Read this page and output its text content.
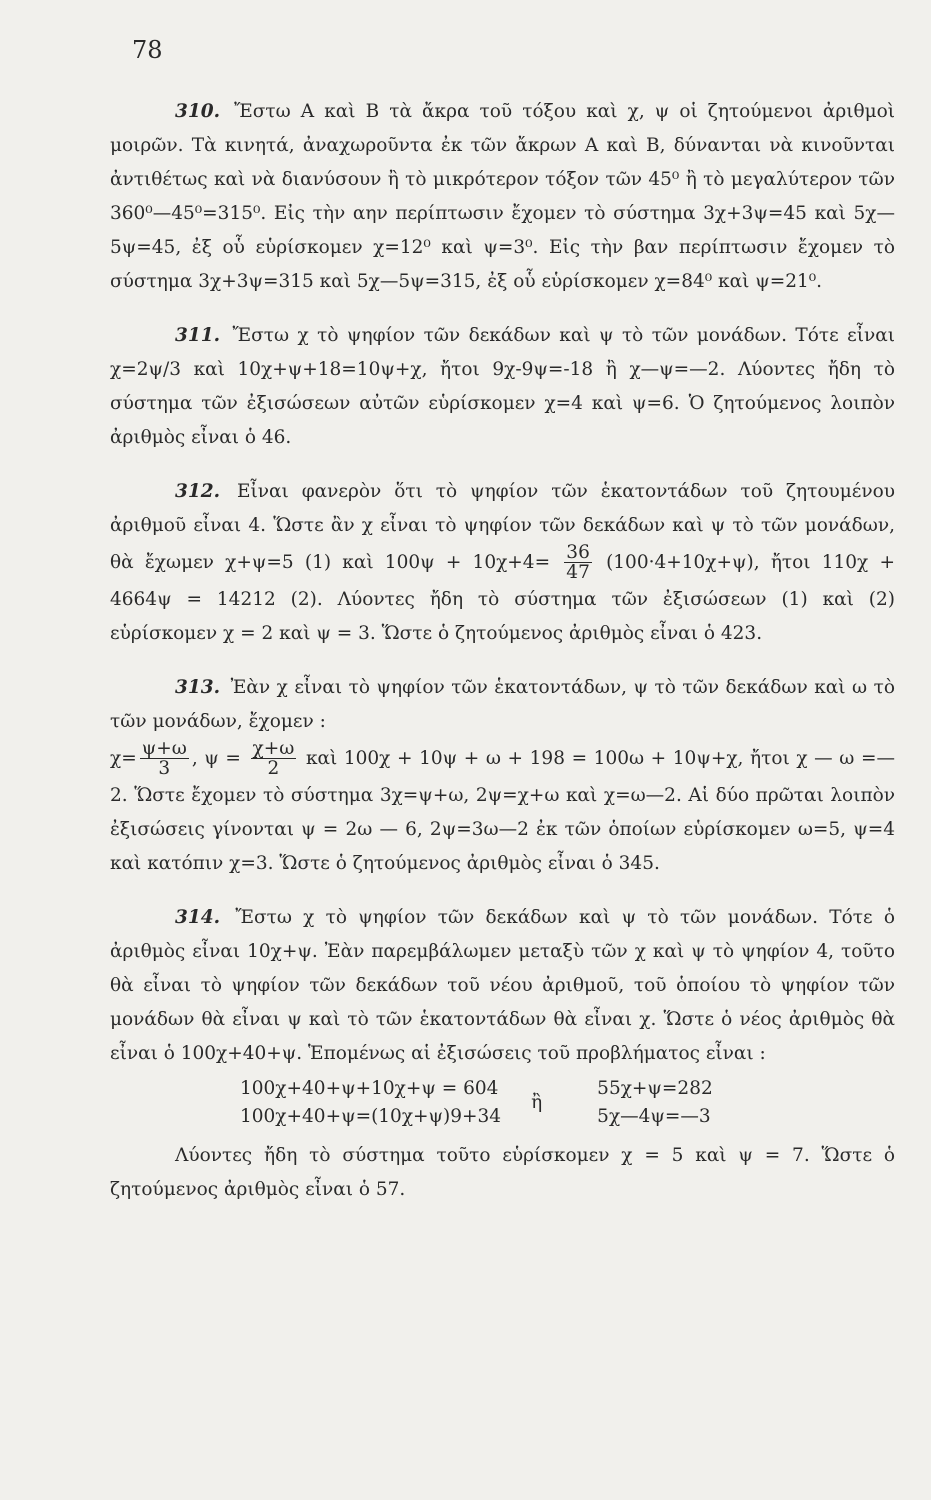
78

310. Ἔστω Α καὶ Β τὰ ἄκρα τοῦ τόξου καὶ χ, ψ οἱ ζητούμενοι ἀριθμοὶ μοιρῶν. Τὰ κινητά, ἀναχωροῦντα ἐκ τῶν ἄκρων Α καὶ Β, δύνανται νὰ κινοῦνται ἀντιθέτως καὶ νὰ διανύσουν ἢ τὸ μικρότερον τόξον τῶν 45⁰ ἢ τὸ μεγαλύτερον τῶν 360⁰—45⁰=315⁰. Εἰς τὴν αην περίπτωσιν ἔχομεν τὸ σύστημα 3χ+3ψ=45 καὶ 5χ—5ψ=45, ἐξ οὗ εὑρίσκομεν χ=12⁰ καὶ ψ=3⁰. Εἰς τὴν βαν περίπτωσιν ἔχομεν τὸ σύστημα 3χ+3ψ=315 καὶ 5χ—5ψ=315, ἐξ οὗ εὑρίσκομεν χ=84⁰ καὶ ψ=21⁰.

311. Ἔστω χ τὸ ψηφίον τῶν δεκάδων καὶ ψ τὸ τῶν μονάδων. Τότε εἶναι χ=2ψ/3 καὶ 10χ+ψ+18=10ψ+χ, ἤτοι 9χ-9ψ=-18 ἢ χ—ψ=—2. Λύοντες ἤδη τὸ σύστημα τῶν ἐξισώσεων αὐτῶν εὑρίσκομεν χ=4 καὶ ψ=6. Ὁ ζητούμενος λοιπὸν ἀριθμὸς εἶναι ὁ 46.

312. Εἶναι φανερὸν ὅτι τὸ ψηφίον τῶν ἑκατοντάδων τοῦ ζητουμένου ἀριθμοῦ εἶναι 4. Ὥστε ἂν χ εἶναι τὸ ψηφίον τῶν δεκάδων καὶ ψ τὸ τῶν μονάδων, θὰ ἔχωμεν χ+ψ=5 (1) καὶ $100\psi + 10\chi+4= \frac{36}{47} (100\cdot 4+10\chi+\psi)$, ἤτοι 110χ + 4664ψ = 14212 (2). Λύοντες ἤδη τὸ σύστημα τῶν ἐξισώσεων (1) καὶ (2) εὑρίσκομεν χ = 2 καὶ ψ = 3. Ὥστε ὁ ζητούμενος ἀριθμὸς εἶναι ὁ 423.

313. Ἐὰν χ εἶναι τὸ ψηφίον τῶν ἑκατοντάδων, ψ τὸ τῶν δεκάδων καὶ ω τὸ τῶν μονάδων, ἔχομεν :
$\chi= \frac{\psi+\omega}{3}$ , $\psi = \frac{\chi+\omega}{2}$ καὶ 100χ + 10ψ + ω + 198 = 100ω + 10ψ+χ, ἤτοι χ — ω =—2. Ὥστε ἔχομεν τὸ σύστημα 3χ=ψ+ω, 2ψ=χ+ω καὶ χ=ω—2. Αἱ δύο πρῶται λοιπὸν ἐξισώσεις γίνονται ψ = 2ω — 6, 2ψ=3ω—2 ἐκ τῶν ὁποίων εὑρίσκομεν ω=5, ψ=4 καὶ κατόπιν χ=3. Ὥστε ὁ ζητούμενος ἀριθμὸς εἶναι ὁ 345.

314. Ἔστω χ τὸ ψηφίον τῶν δεκάδων καὶ ψ τὸ τῶν μονάδων. Τότε ὁ ἀριθμὸς εἶναι 10χ+ψ. Ἐὰν παρεμβάλωμεν μεταξὺ τῶν χ καὶ ψ τὸ ψηφίον 4, τοῦτο θὰ εἶναι τὸ ψηφίον τῶν δεκάδων τοῦ νέου ἀριθμοῦ, τοῦ ὁποίου τὸ ψηφίον τῶν μονάδων θὰ εἶναι ψ καὶ τὸ τῶν ἑκατοντάδων θὰ εἶναι χ. Ὥστε ὁ νέος ἀριθμὸς θὰ εἶναι ὁ 100χ+40+ψ. Ἑπομένως αἱ ἐξισώσεις τοῦ προβλήματος εἶναι :
100χ+40+ψ+10χ+ψ = 604
100χ+40+ψ=(10χ+ψ)9+34
ἢ
55χ+ψ=282
5χ—4ψ=—3
Λύοντες ἤδη τὸ σύστημα τοῦτο εὑρίσκομεν χ = 5 καὶ ψ = 7. Ὥστε ὁ ζητούμενος ἀριθμὸς εἶναι ὁ 57.
